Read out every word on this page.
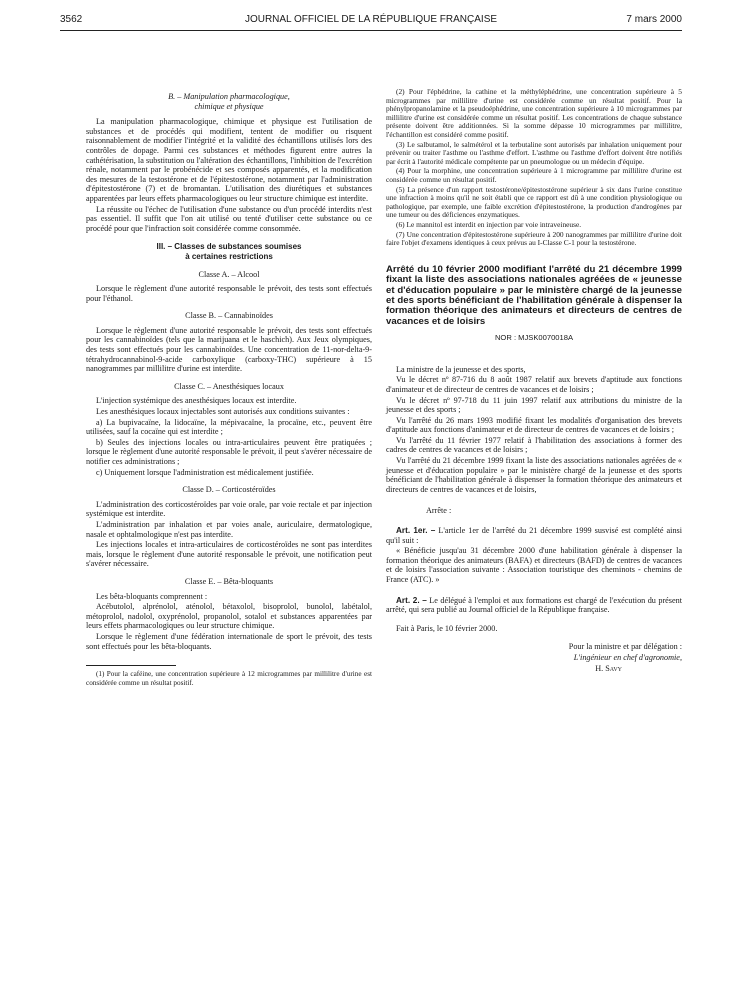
3562	JOURNAL OFFICIEL DE LA RÉPUBLIQUE FRANÇAISE	7 mars 2000
B. – Manipulation pharmacologique,
chimique et physique

La manipulation pharmacologique, chimique et physique est l'utilisation de substances et de procédés qui modifient, tentent de modifier ou risquent raisonnablement de modifier l'intégrité et la validité des échantillons utilisés lors des contrôles de dopage. Parmi ces substances et méthodes figurent entre autres la cathétérisation, la substitution ou l'altération des échantillons, l'inhibition de l'excrétion rénale, notamment par le probénécide et ses composés apparentés, et la modification des mesures de la testostérone et de l'épitestostérone, notamment par l'administration d'épitestostérone (7) et de bromantan. L'utilisation des diurétiques et substances apparentées par leurs effets pharmacologiques ou leur structure chimique est interdite.

La réussite ou l'échec de l'utilisation d'une substance ou d'un procédé interdits n'est pas essentiel. Il suffit que l'on ait utilisé ou tenté d'utiliser cette substance ou ce procédé pour que l'infraction soit considérée comme consommée.

III. – Classes de substances soumises
à certaines restrictions
Classe A. – Alcool

Lorsque le règlement d'une autorité responsable le prévoit, des tests sont effectués pour l'éthanol.

Classe B. – Cannabinoïdes

Lorsque le règlement d'une autorité responsable le prévoit, des tests sont effectués pour les cannabinoïdes (tels que la marijuana et le haschich). Aux Jeux olympiques, des tests sont effectués pour les cannabinoïdes. Une concentration de 11-nor-delta-9-tétrahydrocannabinol-9-acide carboxylique (carboxy-THC) supérieure à 15 nanogrammes par millilitre d'urine est interdite.

Classe C. – Anesthésiques locaux

L'injection systémique des anesthésiques locaux est interdite.

Les anesthésiques locaux injectables sont autorisés aux conditions suivantes :

a) La bupivacaïne, la lidocaïne, la mépivacaïne, la procaïne, etc., peuvent être utilisées, sauf la cocaïne qui est interdite ;

b) Seules des injections locales ou intra-articulaires peuvent être pratiquées ; lorsque le règlement d'une autorité responsable le prévoit, il peut s'avérer nécessaire de notifier ces administrations ;

c) Uniquement lorsque l'administration est médicalement justifiée.

Classe D. – Corticostéroïdes

L'administration des corticostéroïdes par voie orale, par voie rectale et par injection systémique est interdite.

L'administration par inhalation et par voies anale, auriculaire, dermatologique, nasale et ophtalmologique n'est pas interdite.

Les injections locales et intra-articulaires de corticostéroïdes ne sont pas interdites mais, lorsque le règlement d'une autorité responsable le prévoit, une notification peut s'avérer nécessaire.

Classe E. – Bêta-bloquants

Les bêta-bloquants comprennent :

Acébutolol, alprénolol, aténolol, bétaxolol, bisoprolol, bunolol, labétalol, métoprolol, nadolol, oxyprénolol, propanolol, sotalol et substances apparentées par leurs effets pharmacologiques ou leur structure chimique.

Lorsque le règlement d'une fédération internationale de sport le prévoit, des tests sont effectués pour les bêta-bloquants.

(1) Pour la caféine, une concentration supérieure à 12 microgrammes par millilitre d'urine est considérée comme un résultat positif.

(2) Pour l'éphédrine, la cathine et la méthyléphédrine, une concentration supérieure à 5 microgrammes par millilitre d'urine est considérée comme un résultat positif. Pour la phénylpropanolamine et la pseudoéphédrine, une concentration supérieure à 10 microgrammes par millilitre d'urine est considérée comme un résultat positif. Les concentrations de chaque substance présente doivent être additionnées. Si la somme dépasse 10 microgrammes par millilitre, l'échantillon est considéré comme positif.

(3) Le salbutamol, le salmétérol et la terbutaline sont autorisés par inhalation uniquement pour prévenir ou traiter l'asthme ou l'asthme d'effort. L'asthme ou l'asthme d'effort doivent être notifiés par écrit à l'autorité médicale compétente par un pneumologue ou un médecin d'équipe.

(4) Pour la morphine, une concentration supérieure à 1 microgramme par millilitre d'urine est considérée comme un résultat positif.

(5) La présence d'un rapport testostérone/épitestostérone supérieur à six dans l'urine constitue une infraction à moins qu'il ne soit établi que ce rapport est dû à une condition physiologique ou pathologique, par exemple, une faible excrétion d'épitestostérone, la production d'androgènes par une tumeur ou des déficiences enzymatiques.

(6) Le mannitol est interdit en injection par voie intraveineuse.

(7) Une concentration d'épitestostérone supérieure à 200 nanogrammes par millilitre d'urine doit faire l'objet d'examens identiques à ceux prévus au I-Classe C-1 pour la testostérone.

Arrêté du 10 février 2000 modifiant l'arrêté du 21 décembre 1999 fixant la liste des associations nationales agréées de « jeunesse et d'éducation populaire » par le ministère chargé de la jeunesse et des sports bénéficiant de l'habilitation générale à dispenser la formation théorique des animateurs et directeurs de centres de vacances et de loisirs

NOR : MJSK0070018A

La ministre de la jeunesse et des sports,

Vu le décret nº 87-716 du 8 août 1987 relatif aux brevets d'aptitude aux fonctions d'animateur et de directeur de centres de vacances et de loisirs ;

Vu le décret nº 97-718 du 11 juin 1997 relatif aux attributions du ministre de la jeunesse et des sports ;

Vu l'arrêté du 26 mars 1993 modifié fixant les modalités d'organisation des brevets d'aptitude aux fonctions d'animateur et de directeur de centres de vacances et de loisirs ;

Vu l'arrêté du 11 février 1977 relatif à l'habilitation des associations à former des cadres de centres de vacances et de loisirs ;

Vu l'arrêté du 21 décembre 1999 fixant la liste des associations nationales agréées de « jeunesse et d'éducation populaire » par le ministère chargé de la jeunesse et des sports bénéficiant de l'habilitation générale à dispenser la formation théorique des animateurs et directeurs de centres de vacances et de loisirs,

Arrête :

Art. 1er. – L'article 1er de l'arrêté du 21 décembre 1999 susvisé est complété ainsi qu'il suit :

« Bénéficie jusqu'au 31 décembre 2000 d'une habilitation générale à dispenser la formation théorique des animateurs (BAFA) et directeurs (BAFD) de centres de vacances et de loisirs l'association suivante : Association touristique des cheminots - chemins de France (ATC). »

Art. 2. – Le délégué à l'emploi et aux formations est chargé de l'exécution du présent arrêté, qui sera publié au Journal officiel de la République française.

Fait à Paris, le 10 février 2000.

Pour la ministre et par délégation :

L'ingénieur en chef d'agronomie,

H. Savy
